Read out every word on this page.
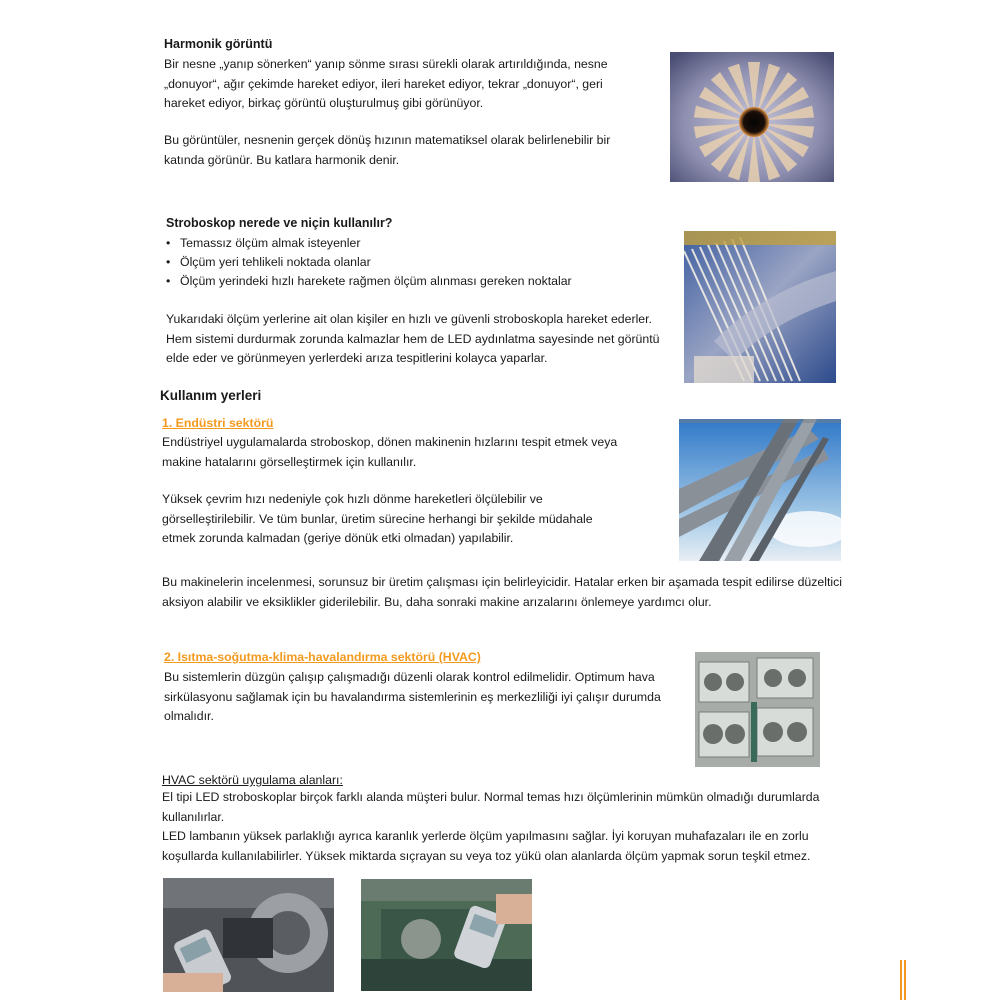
Harmonik görüntü

Bir nesne „yanıp sönerken“ yanıp sönme sırası sürekli olarak artırıldığında, nesne

„donuyor“, ağır çekimde hareket ediyor, ileri hareket ediyor, tekrar „donuyor“, geri

hareket ediyor, birkaç görüntü oluşturulmuş gibi görünüyor.

Bu görüntüler, nesnenin gerçek dönüş hızının matematiksel olarak belirlenebilir bir

katında görünür. Bu katlara harmonik denir.

Stroboskop nerede ve niçin kullanılır?
• Temassız ölçüm almak isteyenler
• Ölçüm yeri tehlikeli noktada olanlar
• Ölçüm yerindeki hızlı harekete rağmen ölçüm alınması gereken noktalar

Yukarıdaki ölçüm yerlerine ait olan kişiler en hızlı ve güvenli stroboskopla hareket ederler.

Hem sistemi durdurmak zorunda kalmazlar hem de LED aydınlatma sayesinde net görüntü

elde eder ve görünmeyen yerlerdeki arıza tespitlerini kolayca yaparlar.

Kullanım yerleri
1. Endüstri sektörü

Endüstriyel uygulamalarda stroboskop, dönen makinenin hızlarını tespit etmek veya

makine hatalarını görselleştirmek için kullanılır.

Yüksek çevrim hızı nedeniyle çok hızlı dönme hareketleri ölçülebilir ve

görselleştirilebilir. Ve tüm bunlar, üretim sürecine herhangi bir şekilde müdahale

etmek zorunda kalmadan (geriye dönük etki olmadan) yapılabilir.

Bu makinelerin incelenmesi, sorunsuz bir üretim çalışması için belirleyicidir. Hatalar erken bir aşamada tespit edilirse düzeltici

aksiyon alabilir ve eksiklikler giderilebilir. Bu, daha sonraki makine arızalarını önlemeye yardımcı olur.

2. Isıtma-soğutma-klima-havalandırma sektörü (HVAC)

Bu sistemlerin düzgün çalışıp çalışmadığı düzenli olarak kontrol edilmelidir. Optimum hava

sirkülasyonu sağlamak için bu havalandırma sistemlerinin eş merkezliliği iyi çalışır durumda

olmalıdır.

HVAC sektörü uygulama alanları:

El tipi LED stroboskoplar birçok farklı alanda müşteri bulur. Normal temas hızı ölçümlerinin mümkün olmadığı durumlarda

kullanılırlar.

LED lambanın yüksek parlaklığı ayrıca karanlık yerlerde ölçüm yapılmasını sağlar. İyi koruyan muhafazaları ile en zorlu

koşullarda kullanılabilirler. Yüksek miktarda sıçrayan su veya toz yükü olan alanlarda ölçüm yapmak sorun teşkil etmez.
